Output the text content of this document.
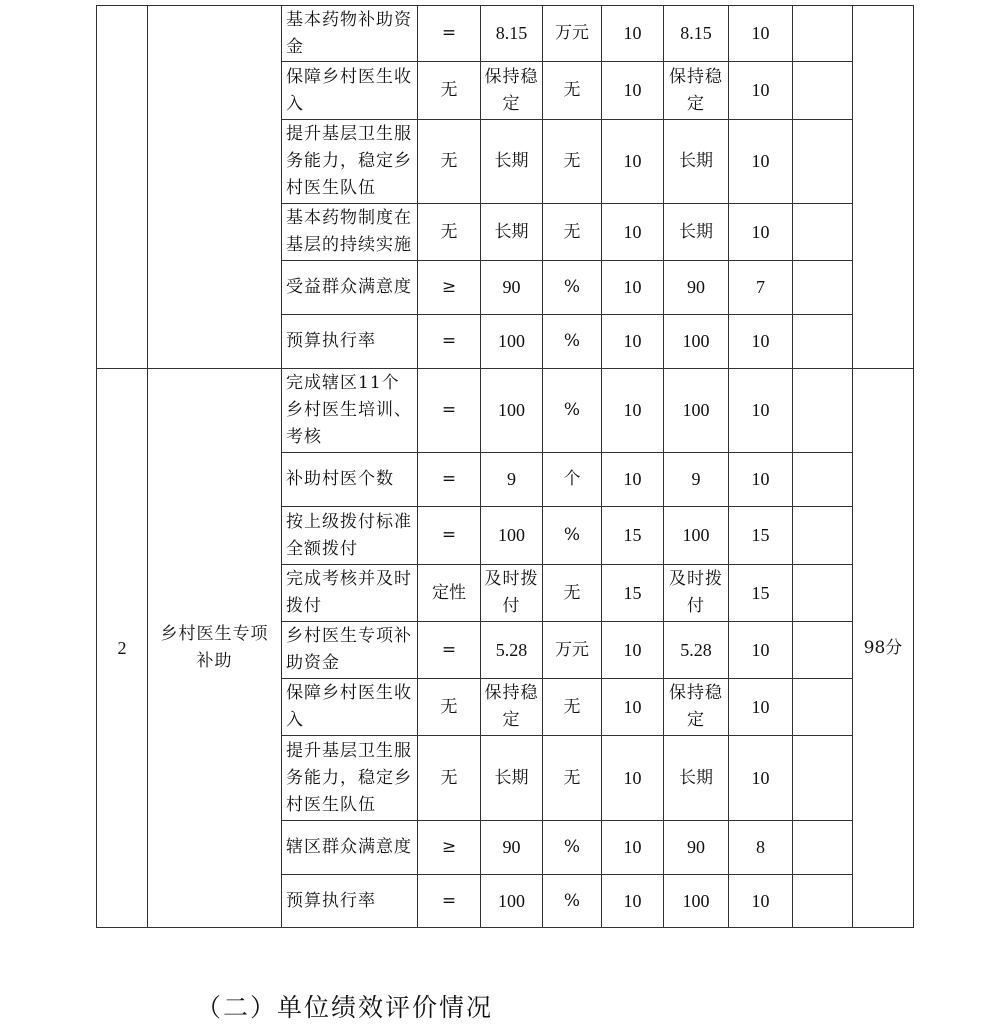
		基本药物补助资金	=	8.15	万元	10	8.15	10		
		保障乡村医生收入	无	保持稳定	无	10	保持稳定	10		
		提升基层卫生服务能力，稳定乡村医生队伍	无	长期	无	10	长期	10		
		基本药物制度在基层的持续实施	无	长期	无	10	长期	10		
		受益群众满意度	≥	90	%	10	90	7		
		预算执行率	=	100	%	10	100	10		
2	乡村医生专项补助	完成辖区11个乡村医生培训、考核	=	100	%	10	100	10		98分
		补助村医个数	=	9	个	10	9	10		
		按上级拨付标准全额拨付	=	100	%	15	100	15		
		完成考核并及时拨付	定性	及时拨付	无	15	及时拨付	15		
		乡村医生专项补助资金	=	5.28	万元	10	5.28	10		
		保障乡村医生收入	无	保持稳定	无	10	保持稳定	10		
		提升基层卫生服务能力，稳定乡村医生队伍	无	长期	无	10	长期	10		
		辖区群众满意度	≥	90	%	10	90	8		
		预算执行率	=	100	%	10	100	10		
（二）单位绩效评价情况
